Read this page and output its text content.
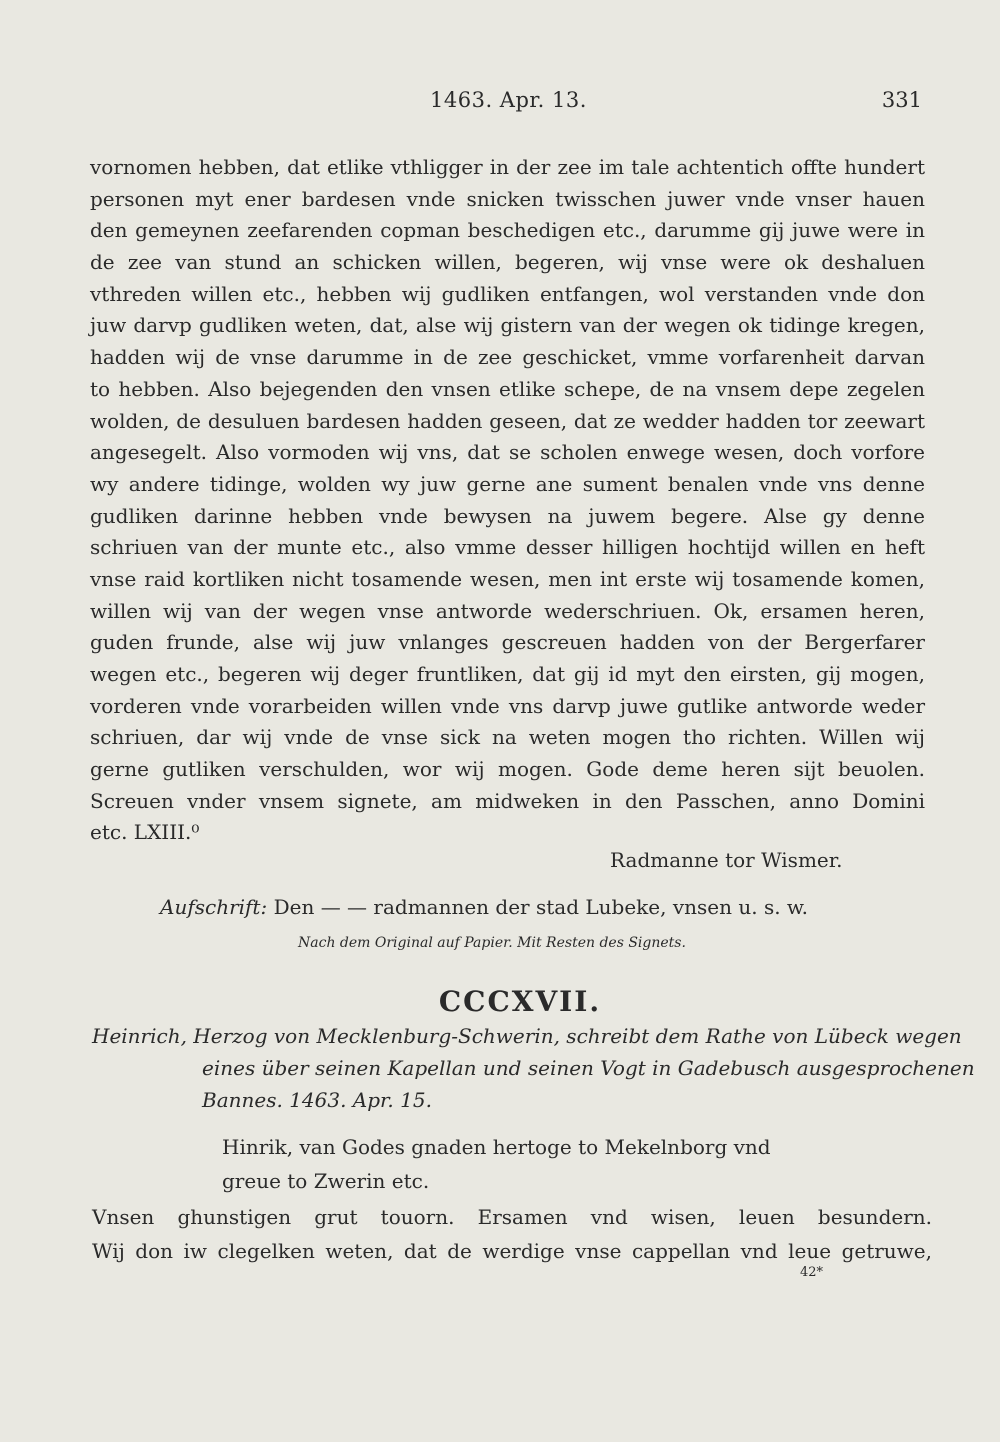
1463. Apr. 13.	331
vornomen hebben, dat etlike vthligger in der zee im tale achtentich offte hundert
personen myt ener bardesen vnde snicken twisschen juwer vnde vnser hauen
den gemeynen zeefarenden copman beschedigen etc., darumme gij juwe were in
de zee van stund an schicken willen, begeren, wij vnse were ok deshaluen
vthreden willen etc., hebben wij gudliken entfangen, wol verstanden vnde don
juw darvp gudliken weten, dat, alse wij gistern van der wegen ok tidinge kregen,
hadden wij de vnse darumme in de zee geschicket, vmme vorfarenheit darvan
to hebben. Also bejegenden den vnsen etlike schepe, de na vnsem depe zegelen
wolden, de desuluen bardesen hadden geseen, dat ze wedder hadden tor zeewart
angesegelt. Also vormoden wij vns, dat se scholen enwege wesen, doch vorfore
wy andere tidinge, wolden wy juw gerne ane sument benalen vnde vns denne
gudliken darinne hebben vnde bewysen na juwem begere. Alse gy denne
schriuen van der munte etc., also vmme desser hilligen hochtijd willen en heft
vnse raid kortliken nicht tosamende wesen, men int erste wij tosamende komen,
willen wij van der wegen vnse antworde wederschriuen. Ok, ersamen heren,
guden frunde, alse wij juw vnlanges gescreuen hadden von der Bergerfarer
wegen etc., begeren wij deger fruntliken, dat gij id myt den eirsten, gij mogen,
vorderen vnde vorarbeiden willen vnde vns darvp juwe gutlike antworde weder
schriuen, dar wij vnde de vnse sick na weten mogen tho richten. Willen wij
gerne gutliken verschulden, wor wij mogen. Gode deme heren sijt beuolen.
Screuen vnder vnsem signete, am midweken in den Passchen, anno Domini
etc. LXIII.⁰
Radmanne tor Wismer.
Aufschrift: Den — — radmannen der stad Lubeke, vnsen u. s. w.
Nach dem Original auf Papier. Mit Resten des Signets.
CCCXVII.
Heinrich, Herzog von Mecklenburg-Schwerin, schreibt dem Rathe von Lübeck wegen
eines über seinen Kapellan und seinen Vogt in Gadebusch ausgesprochenen
Bannes. 1463. Apr. 15.
Hinrik, van Godes gnaden hertoge to Mekelnborg vnd
greue to Zwerin etc.
Vnsen ghunstigen grut touorn. Ersamen vnd wisen, leuen besundern.
Wij don iw clegelken weten, dat de werdige vnse cappellan vnd leue getruwe,
42*
